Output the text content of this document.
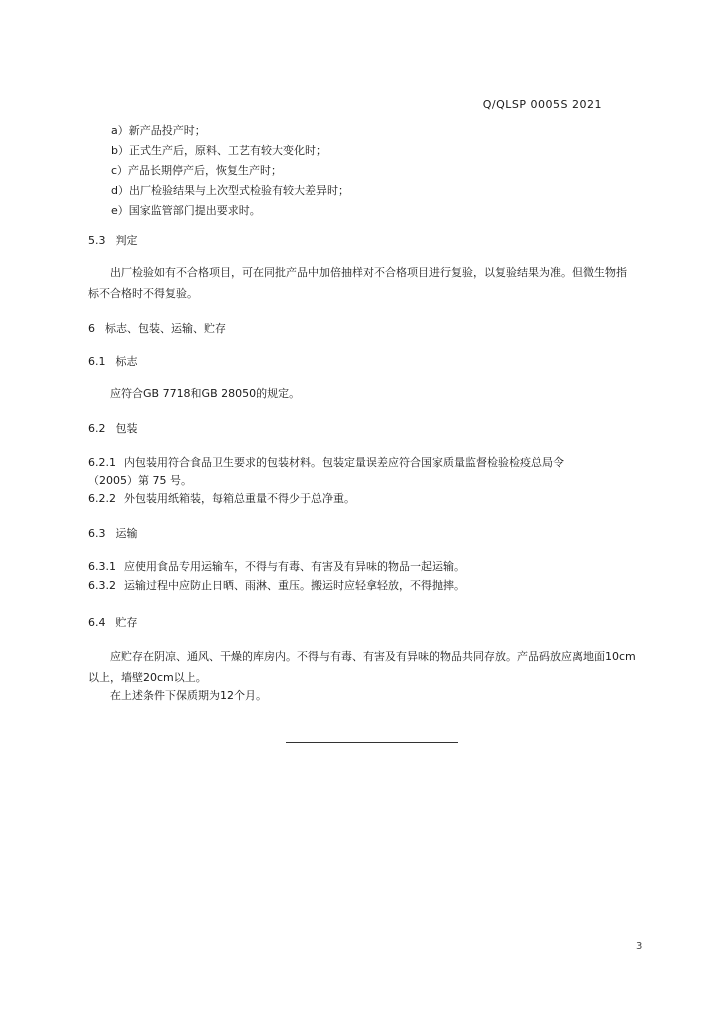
Q/QLSP 0005S 2021
a）新产品投产时；
b）正式生产后，原料、工艺有较大变化时；
c）产品长期停产后，恢复生产时；
d）出厂检验结果与上次型式检验有较大差异时；
e）国家监管部门提出要求时。
5.3 判定
出厂检验如有不合格项目，可在同批产品中加倍抽样对不合格项目进行复验，以复验结果为准。但微生物指标不合格时不得复验。
6 标志、包装、运输、贮存
6.1 标志
应符合GB 7718和GB 28050的规定。
6.2 包装
6.2.1 内包装用符合食品卫生要求的包装材料。包装定量误差应符合国家质量监督检验检疫总局令
（2005）第 75 号。
6.2.2 外包装用纸箱装，每箱总重量不得少于总净重。
6.3 运输
6.3.1 应使用食品专用运输车，不得与有毒、有害及有异味的物品一起运输。
6.3.2 运输过程中应防止日晒、雨淋、重压。搬运时应轻拿轻放，不得抛摔。
6.4 贮存
应贮存在阴凉、通风、干燥的库房内。不得与有毒、有害及有异味的物品共同存放。产品码放应离地面10cm以上，墙壁20cm以上。
在上述条件下保质期为12个月。
3
